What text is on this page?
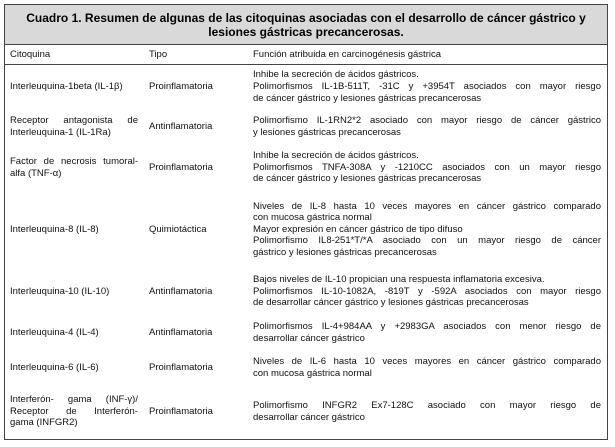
Cuadro 1. Resumen de algunas de las citoquinas asociadas con el desarrollo de cáncer gástrico y
lesiones gástricas precancerosas.
Citoquina	Tipo	Función atribuida en carcinogénesis gástrica

Interleuquina-1beta (IL-1β)	Proinflamatoria	Inhibe la secreción de ácidos gástricos.
Polimorfismos IL-1B-511T, -31C y +3954T asociados con mayor riesgo
de cáncer gástrico y lesiones gástricas precancerosas

Receptor antagonista de
Interleuquina-1 (IL-1Ra)	Antinflamatoria	Polimorfismo IL-1RN2*2 asociado con mayor riesgo de cáncer gástrico
y lesiones gástricas precancerosas

Factor de necrosis tumoral-
alfa (TNF-α)	Proinflamatoria	Inhibe la secreción de ácidos gástricos.
Polimorfismos TNFA-308A y -1210CC asociados con un mayor riesgo
de cáncer gástrico y lesiones gástricas precancerosas

Interleuquina-8 (IL-8)	Quimiotáctica	Niveles de IL-8 hasta 10 veces mayores en cáncer gástrico comparado
con mucosa gástrica normal
Mayor expresión en cáncer gástrico de tipo difuso
Polimorfismo IL8-251*T/*A asociado con un mayor riesgo de cáncer
gástrico y lesiones gástricas precancerosas

Interleuquina-10 (IL-10)	Antinflamatoria	Bajos niveles de IL-10 propician una respuesta inflamatoria excesiva.
Polimorfismos IL-10-1082A, -819T y -592A asociados con mayor riesgo
de desarrollar cáncer gástrico y lesiones gástricas precancerosas

Interleuquina-4 (IL-4)	Antinflamatoria	Polimorfismos IL-4+984AA y +2983GA asociados con menor riesgo de
desarrollar cáncer gástrico

Interleuquina-6 (IL-6)	Proinflamatoria	Niveles de IL-6 hasta 10 veces mayores en cáncer gástrico comparado
con mucosa gástrica normal

Interferón- gama (INF-γ)/
Receptor de Interferón-
gama (INFGR2)	Proinflamatoria	Polimorfismo INFGR2 Ex7-128C asociado con mayor riesgo de
desarrollar cáncer gástrico
